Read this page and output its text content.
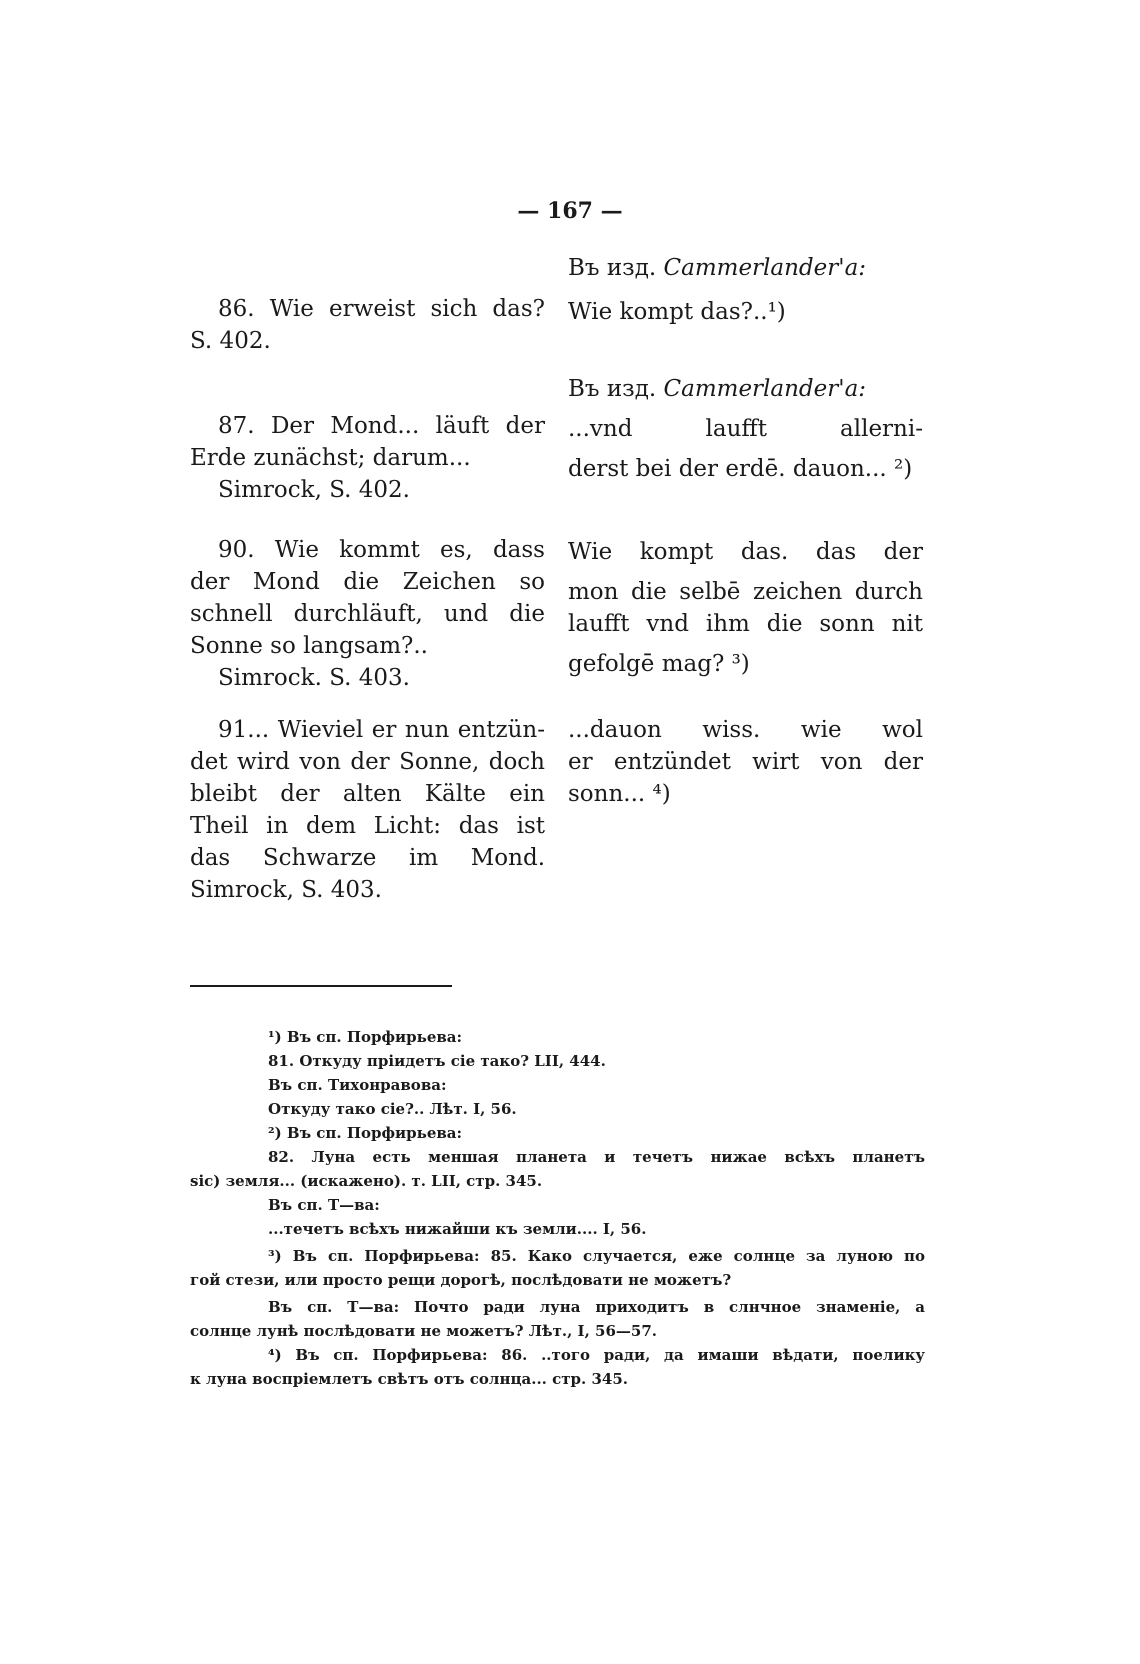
— 167 —
86. Wie erweist sich das?
S. 402.
87. Der Mond... läuft der
Erde zunächst; darum...
Simrock, S. 402.
90. Wie kommt es, dass
der Mond die Zeichen so
schnell durchläuft, und die
Sonne so langsam?..
Simrock. S. 403.
91... Wieviel er nun entzün-
det wird von der Sonne, doch
bleibt der alten Kälte ein
Theil in dem Licht: das ist
das Schwarze im Mond.
Simrock, S. 403.
Въ изд. Cammerlander'a:
Wie kompt das?..¹)
Въ изд. Cammerlander'a:
...vnd laufft allerni-
derst bei der erdē. dauon... ²)
Wie kompt das. das der
mon die selbē zeichen durch
laufft vnd ihm die sonn nit
gefolgē mag? ³)
...dauon wiss. wie wol
er entzündet wirt von der
sonn... ⁴)
¹) Въ сп. Порфирьева:
81. Откуду прiидетъ сiе тако? LII, 444.
Въ сп. Тихонравова:
Откуду тако сiе?.. Лѣт. I, 56.
²) Въ сп. Порфирьева:
82. Луна есть меншая планета и течетъ нижае всѣхъ планетъ
sic) земля... (искажено). т. LII, стр. 345.
Въ сп. Т—ва:
...течетъ всѣхъ нижайши къ земли.... I, 56.
³) Въ сп. Порфирьева: 85. Како случается, еже солнце за луною по
гой стези, или просто рещи дорогѣ, послѣдовати не можетъ?
Въ сп. Т—ва: Почто ради луна приходитъ в слнчное знаменiе, а
солнце лунѣ послѣдовати не можетъ? Лѣт., I, 56—57.
⁴) Въ сп. Порфирьева: 86. ..того ради, да имаши вѣдати, поелику
к луна воспрiемлетъ свѣтъ отъ солнца... стр. 345.
